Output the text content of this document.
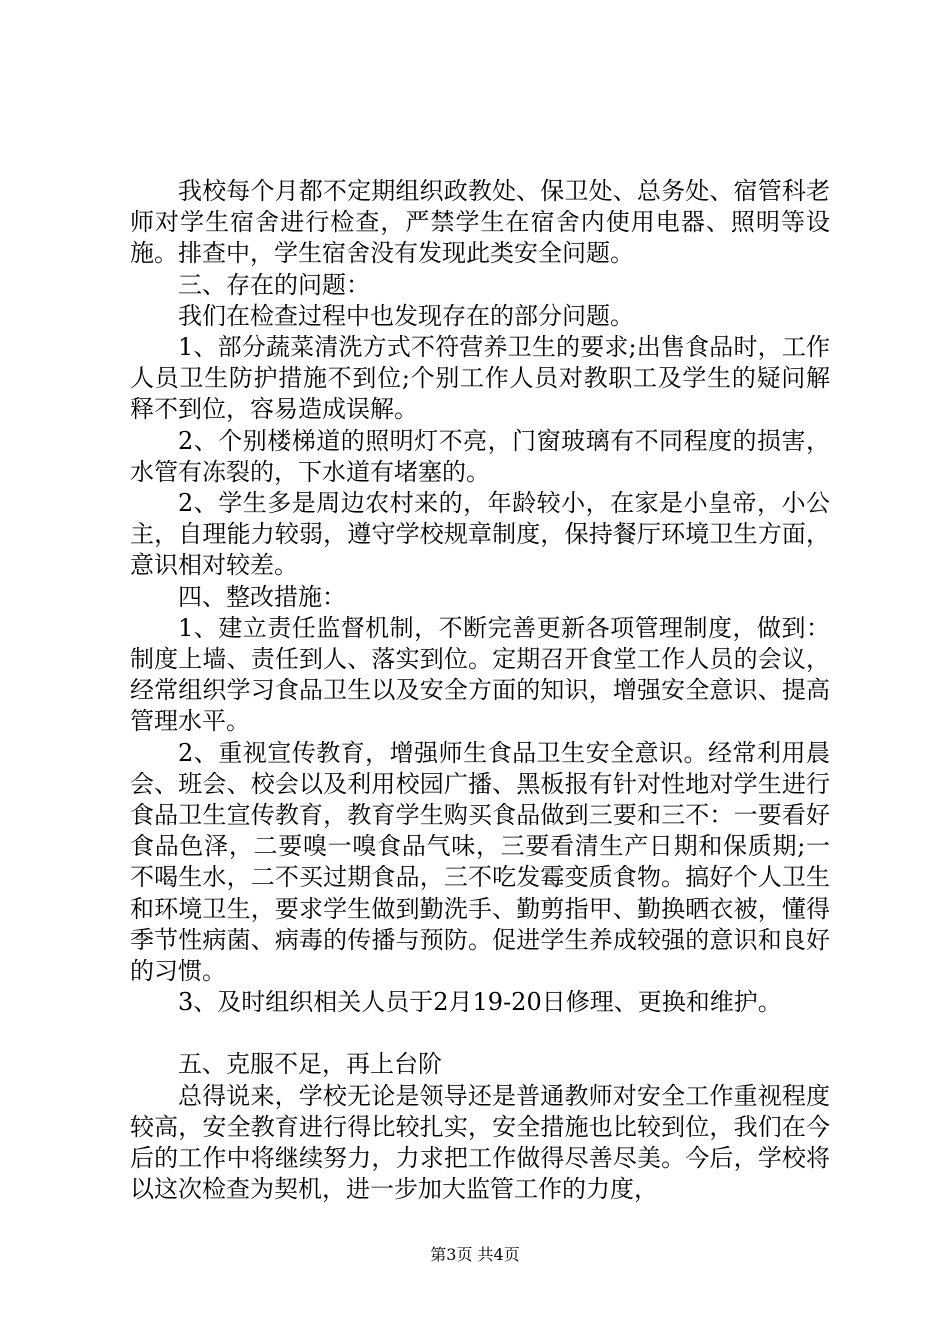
我校每个月都不定期组织政教处、保卫处、总务处、宿管科老师对学生宿舍进行检查，严禁学生在宿舍内使用电器、照明等设施。排查中，学生宿舍没有发现此类安全问题。

三、存在的问题：

我们在检查过程中也发现存在的部分问题。

1、部分蔬菜清洗方式不符营养卫生的要求;出售食品时，工作人员卫生防护措施不到位;个别工作人员对教职工及学生的疑问解释不到位，容易造成误解。

2、个别楼梯道的照明灯不亮，门窗玻璃有不同程度的损害，水管有冻裂的，下水道有堵塞的。

2、学生多是周边农村来的，年龄较小，在家是小皇帝，小公主，自理能力较弱，遵守学校规章制度，保持餐厅环境卫生方面，意识相对较差。

四、整改措施：

1、建立责任监督机制，不断完善更新各项管理制度，做到：制度上墙、责任到人、落实到位。定期召开食堂工作人员的会议，经常组织学习食品卫生以及安全方面的知识，增强安全意识、提高管理水平。

2、重视宣传教育，增强师生食品卫生安全意识。经常利用晨会、班会、校会以及利用校园广播、黑板报有针对性地对学生进行食品卫生宣传教育，教育学生购买食品做到三要和三不：一要看好食品色泽，二要嗅一嗅食品气味，三要看清生产日期和保质期;一不喝生水，二不买过期食品，三不吃发霉变质食物。搞好个人卫生和环境卫生，要求学生做到勤洗手、勤剪指甲、勤换晒衣被，懂得季节性病菌、病毒的传播与预防。促进学生养成较强的意识和良好的习惯。

3、及时组织相关人员于2月19-20日修理、更换和维护。

五、克服不足，再上台阶

总得说来，学校无论是领导还是普通教师对安全工作重视程度较高，安全教育进行得比较扎实，安全措施也比较到位，我们在今后的工作中将继续努力，力求把工作做得尽善尽美。今后，学校将以这次检查为契机，进一步加大监管工作的力度，

第3页 共4页
